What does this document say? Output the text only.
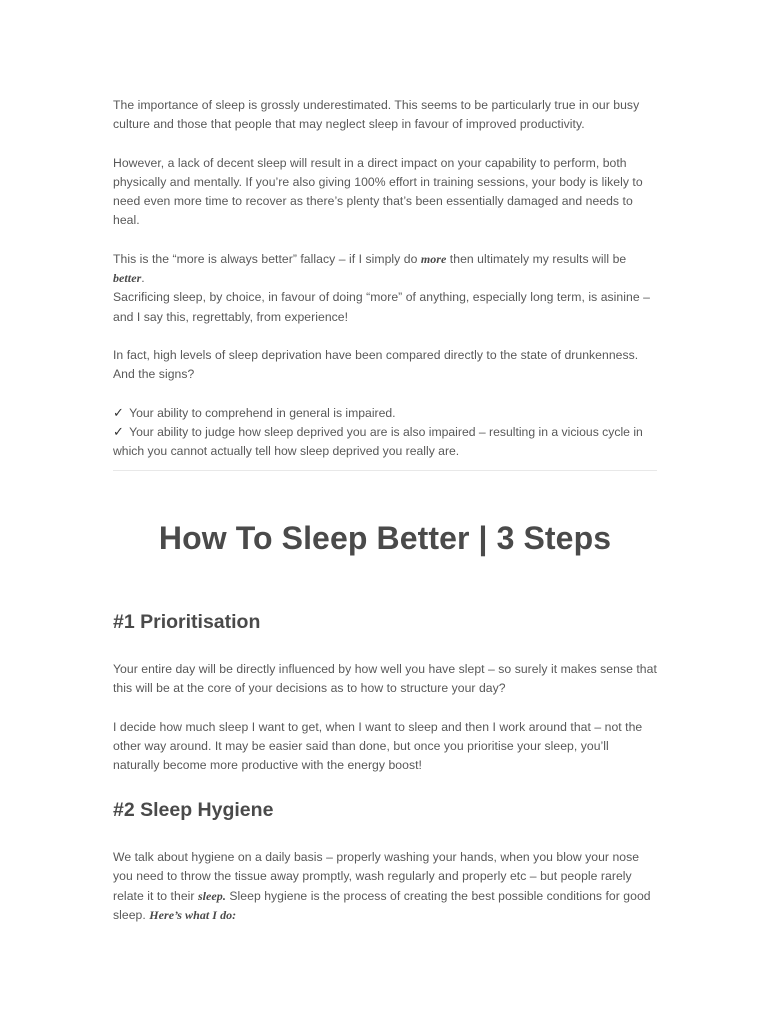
The importance of sleep is grossly underestimated. This seems to be particularly true in our busy culture and those that people that may neglect sleep in favour of improved productivity.

However, a lack of decent sleep will result in a direct impact on your capability to perform, both physically and mentally. If you’re also giving 100% effort in training sessions, your body is likely to need even more time to recover as there’s plenty that’s been essentially damaged and needs to heal.

This is the “more is always better” fallacy – if I simply do more then ultimately my results will be better.

Sacrificing sleep, by choice, in favour of doing “more” of anything, especially long term, is asinine – and I say this, regrettably, from experience!

In fact, high levels of sleep deprivation have been compared directly to the state of drunkenness. And the signs?

✓ Your ability to comprehend in general is impaired.
✓ Your ability to judge how sleep deprived you are is also impaired – resulting in a vicious cycle in which you cannot actually tell how sleep deprived you really are.
How To Sleep Better | 3 Steps
#1 Prioritisation

Your entire day will be directly influenced by how well you have slept – so surely it makes sense that this will be at the core of your decisions as to how to structure your day?

I decide how much sleep I want to get, when I want to sleep and then I work around that – not the other way around. It may be easier said than done, but once you prioritise your sleep, you’ll naturally become more productive with the energy boost!

#2 Sleep Hygiene

We talk about hygiene on a daily basis – properly washing your hands, when you blow your nose you need to throw the tissue away promptly, wash regularly and properly etc – but people rarely relate it to their sleep. Sleep hygiene is the process of creating the best possible conditions for good sleep. Here’s what I do:
